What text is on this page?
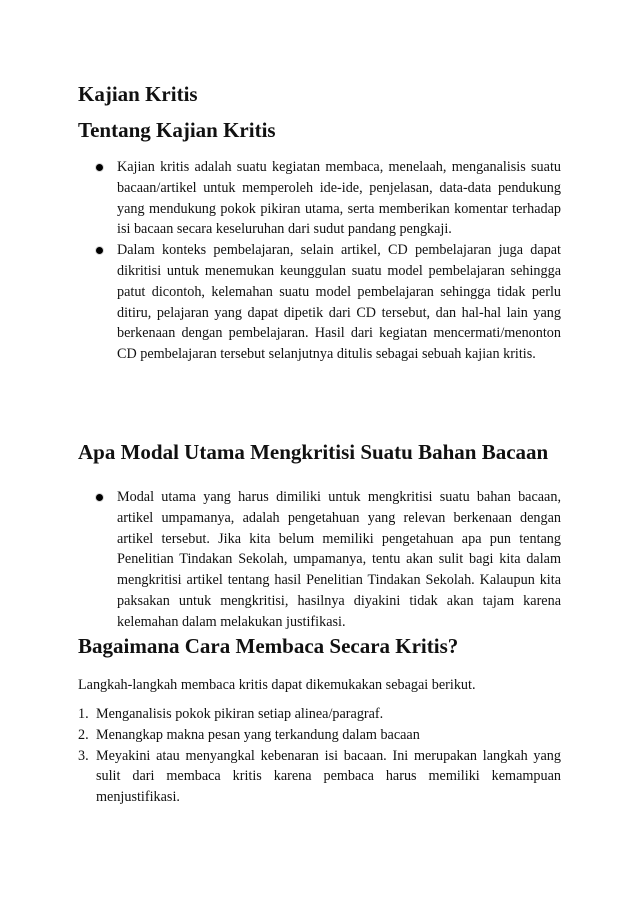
Kajian Kritis
Tentang Kajian Kritis
Kajian kritis adalah suatu kegiatan membaca, menelaah, menganalisis suatu bacaan/artikel untuk memperoleh ide-ide, penjelasan, data-data pendukung yang mendukung pokok pikiran utama, serta memberikan komentar terhadap isi bacaan secara keseluruhan dari sudut pandang pengkaji.
Dalam konteks pembelajaran, selain artikel, CD pembelajaran juga dapat dikritisi untuk menemukan keunggulan suatu model pembelajaran sehingga patut dicontoh, kelemahan suatu model pembelajaran sehingga tidak perlu ditiru, pelajaran yang dapat dipetik dari CD tersebut, dan hal-hal lain yang berkenaan dengan pembelajaran. Hasil dari kegiatan mencermati/menonton CD pembelajaran tersebut selanjutnya ditulis sebagai sebuah kajian kritis.
Apa Modal Utama Mengkritisi Suatu Bahan Bacaan
Modal utama yang harus dimiliki untuk mengkritisi suatu bahan bacaan, artikel umpamanya, adalah pengetahuan yang relevan berkenaan dengan artikel tersebut. Jika kita belum memiliki pengetahuan apa pun tentang Penelitian Tindakan Sekolah, umpamanya, tentu akan sulit bagi kita dalam mengkritisi artikel tentang hasil Penelitian Tindakan Sekolah. Kalaupun kita paksakan untuk mengkritisi, hasilnya diyakini tidak akan tajam karena kelemahan dalam melakukan justifikasi.
Bagaimana Cara Membaca Secara Kritis?

Langkah-langkah membaca kritis dapat dikemukakan sebagai berikut.

1. Menganalisis pokok pikiran setiap alinea/paragraf.
2. Menangkap makna pesan yang terkandung dalam bacaan
3. Meyakini atau menyangkal kebenaran isi bacaan. Ini merupakan langkah yang sulit dari membaca kritis karena pembaca harus memiliki kemampuan menjustifikasi.
